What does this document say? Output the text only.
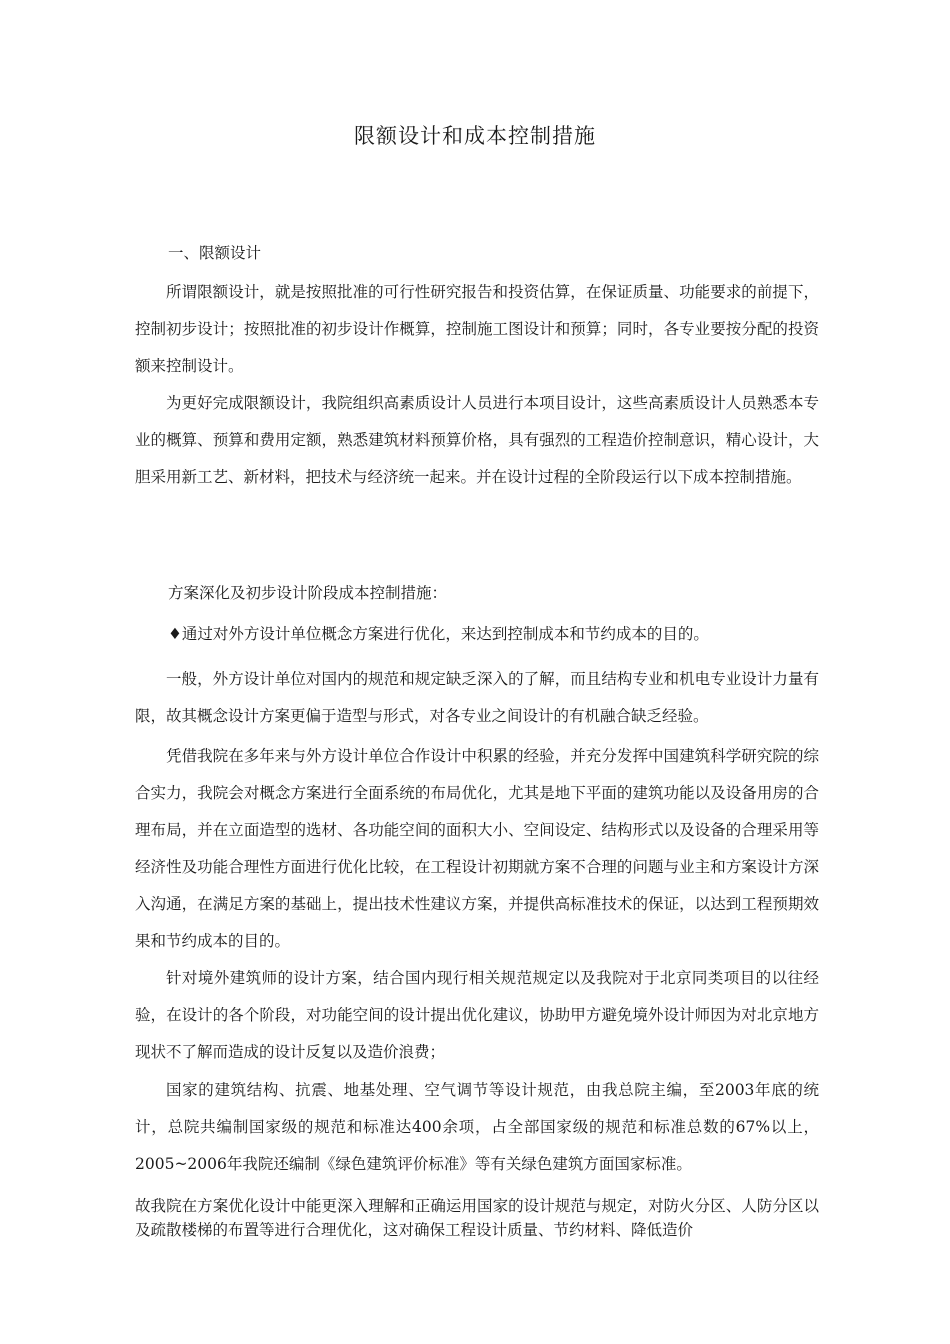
限额设计和成本控制措施

一、限额设计

所谓限额设计，就是按照批准的可行性研究报告和投资估算，在保证质量、功能要求的前提下，控制初步设计；按照批准的初步设计作概算，控制施工图设计和预算；同时，各专业要按分配的投资额来控制设计。

为更好完成限额设计，我院组织高素质设计人员进行本项目设计，这些高素质设计人员熟悉本专业的概算、预算和费用定额，熟悉建筑材料预算价格，具有强烈的工程造价控制意识，精心设计，大胆采用新工艺、新材料，把技术与经济统一起来。并在设计过程的全阶段运行以下成本控制措施。

方案深化及初步设计阶段成本控制措施：

♦通过对外方设计单位概念方案进行优化，来达到控制成本和节约成本的目的。

一般，外方设计单位对国内的规范和规定缺乏深入的了解，而且结构专业和机电专业设计力量有限，故其概念设计方案更偏于造型与形式，对各专业之间设计的有机融合缺乏经验。

凭借我院在多年来与外方设计单位合作设计中积累的经验，并充分发挥中国建筑科学研究院的综合实力，我院会对概念方案进行全面系统的布局优化，尤其是地下平面的建筑功能以及设备用房的合理布局，并在立面造型的选材、各功能空间的面积大小、空间设定、结构形式以及设备的合理采用等经济性及功能合理性方面进行优化比较，在工程设计初期就方案不合理的问题与业主和方案设计方深入沟通，在满足方案的基础上，提出技术性建议方案，并提供高标准技术的保证，以达到工程预期效果和节约成本的目的。

针对境外建筑师的设计方案，结合国内现行相关规范规定以及我院对于北京同类项目的以往经验，在设计的各个阶段，对功能空间的设计提出优化建议，协助甲方避免境外设计师因为对北京地方现状不了解而造成的设计反复以及造价浪费；

国家的建筑结构、抗震、地基处理、空气调节等设计规范，由我总院主编，至2003年底的统计，总院共编制国家级的规范和标准达400余项，占全部国家级的规范和标准总数的67%以上，2005~2006年我院还编制《绿色建筑评价标准》等有关绿色建筑方面国家标准。

故我院在方案优化设计中能更深入理解和正确运用国家的设计规范与规定，对防火分区、人防分区以及疏散楼梯的布置等进行合理优化，这对确保工程设计质量、节约材料、降低造价
